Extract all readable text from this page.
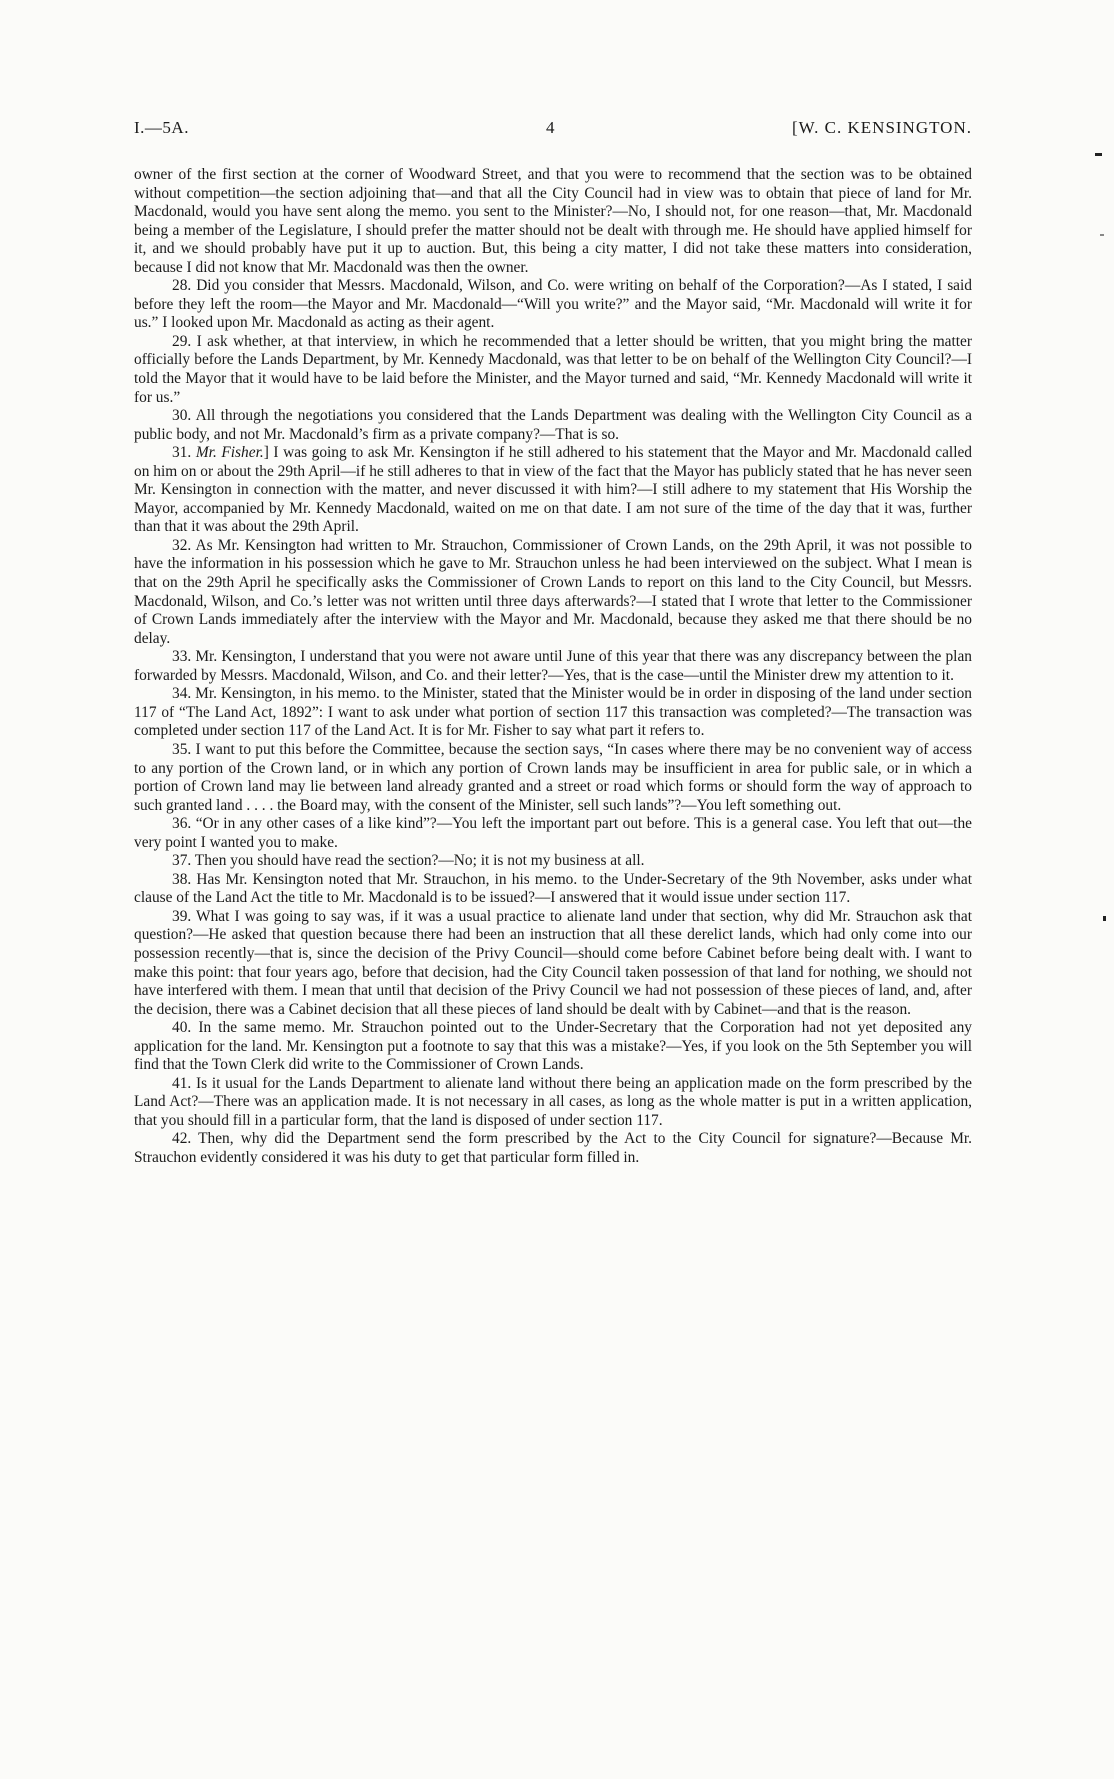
I.—5A.	4	[W. C. KENSINGTON.

owner of the first section at the corner of Woodward Street, and that you were to recommend that the section was to be obtained without competition—the section adjoining that—and that all the City Council had in view was to obtain that piece of land for Mr. Macdonald, would you have sent along the memo. you sent to the Minister?—No, I should not, for one reason—that, Mr. Macdonald being a member of the Legislature, I should prefer the matter should not be dealt with through me. He should have applied himself for it, and we should probably have put it up to auction. But, this being a city matter, I did not take these matters into consideration, because I did not know that Mr. Macdonald was then the owner.

28. Did you consider that Messrs. Macdonald, Wilson, and Co. were writing on behalf of the Corporation?—As I stated, I said before they left the room—the Mayor and Mr. Macdonald—“Will you write?” and the Mayor said, “Mr. Macdonald will write it for us.” I looked upon Mr. Macdonald as acting as their agent.

29. I ask whether, at that interview, in which he recommended that a letter should be written, that you might bring the matter officially before the Lands Department, by Mr. Kennedy Macdonald, was that letter to be on behalf of the Wellington City Council?—I told the Mayor that it would have to be laid before the Minister, and the Mayor turned and said, “Mr. Kennedy Macdonald will write it for us.”

30. All through the negotiations you considered that the Lands Department was dealing with the Wellington City Council as a public body, and not Mr. Macdonald’s firm as a private company?—That is so.

31. Mr. Fisher.] I was going to ask Mr. Kensington if he still adhered to his statement that the Mayor and Mr. Macdonald called on him on or about the 29th April—if he still adheres to that in view of the fact that the Mayor has publicly stated that he has never seen Mr. Kensington in connection with the matter, and never discussed it with him?—I still adhere to my statement that His Worship the Mayor, accompanied by Mr. Kennedy Macdonald, waited on me on that date. I am not sure of the time of the day that it was, further than that it was about the 29th April.

32. As Mr. Kensington had written to Mr. Strauchon, Commissioner of Crown Lands, on the 29th April, it was not possible to have the information in his possession which he gave to Mr. Strauchon unless he had been interviewed on the subject. What I mean is that on the 29th April he specifically asks the Commissioner of Crown Lands to report on this land to the City Council, but Messrs. Macdonald, Wilson, and Co.’s letter was not written until three days afterwards?—I stated that I wrote that letter to the Commissioner of Crown Lands immediately after the interview with the Mayor and Mr. Macdonald, because they asked me that there should be no delay.

33. Mr. Kensington, I understand that you were not aware until June of this year that there was any discrepancy between the plan forwarded by Messrs. Macdonald, Wilson, and Co. and their letter?—Yes, that is the case—until the Minister drew my attention to it.

34. Mr. Kensington, in his memo. to the Minister, stated that the Minister would be in order in disposing of the land under section 117 of “The Land Act, 1892”: I want to ask under what portion of section 117 this transaction was completed?—The transaction was completed under section 117 of the Land Act. It is for Mr. Fisher to say what part it refers to.

35. I want to put this before the Committee, because the section says, “In cases where there may be no convenient way of access to any portion of the Crown land, or in which any portion of Crown lands may be insufficient in area for public sale, or in which a portion of Crown land may lie between land already granted and a street or road which forms or should form the way of approach to such granted land . . . . the Board may, with the consent of the Minister, sell such lands”?—You left something out.

36. “Or in any other cases of a like kind”?—You left the important part out before. This is a general case. You left that out—the very point I wanted you to make.

37. Then you should have read the section?—No; it is not my business at all.

38. Has Mr. Kensington noted that Mr. Strauchon, in his memo. to the Under-Secretary of the 9th November, asks under what clause of the Land Act the title to Mr. Macdonald is to be issued?—I answered that it would issue under section 117.

39. What I was going to say was, if it was a usual practice to alienate land under that section, why did Mr. Strauchon ask that question?—He asked that question because there had been an instruction that all these derelict lands, which had only come into our possession recently—that is, since the decision of the Privy Council—should come before Cabinet before being dealt with. I want to make this point: that four years ago, before that decision, had the City Council taken possession of that land for nothing, we should not have interfered with them. I mean that until that decision of the Privy Council we had not possession of these pieces of land, and, after the decision, there was a Cabinet decision that all these pieces of land should be dealt with by Cabinet—and that is the reason.

40. In the same memo. Mr. Strauchon pointed out to the Under-Secretary that the Corporation had not yet deposited any application for the land. Mr. Kensington put a footnote to say that this was a mistake?—Yes, if you look on the 5th September you will find that the Town Clerk did write to the Commissioner of Crown Lands.

41. Is it usual for the Lands Department to alienate land without there being an application made on the form prescribed by the Land Act?—There was an application made. It is not necessary in all cases, as long as the whole matter is put in a written application, that you should fill in a particular form, that the land is disposed of under section 117.

42. Then, why did the Department send the form prescribed by the Act to the City Council for signature?—Because Mr. Strauchon evidently considered it was his duty to get that particular form filled in.
